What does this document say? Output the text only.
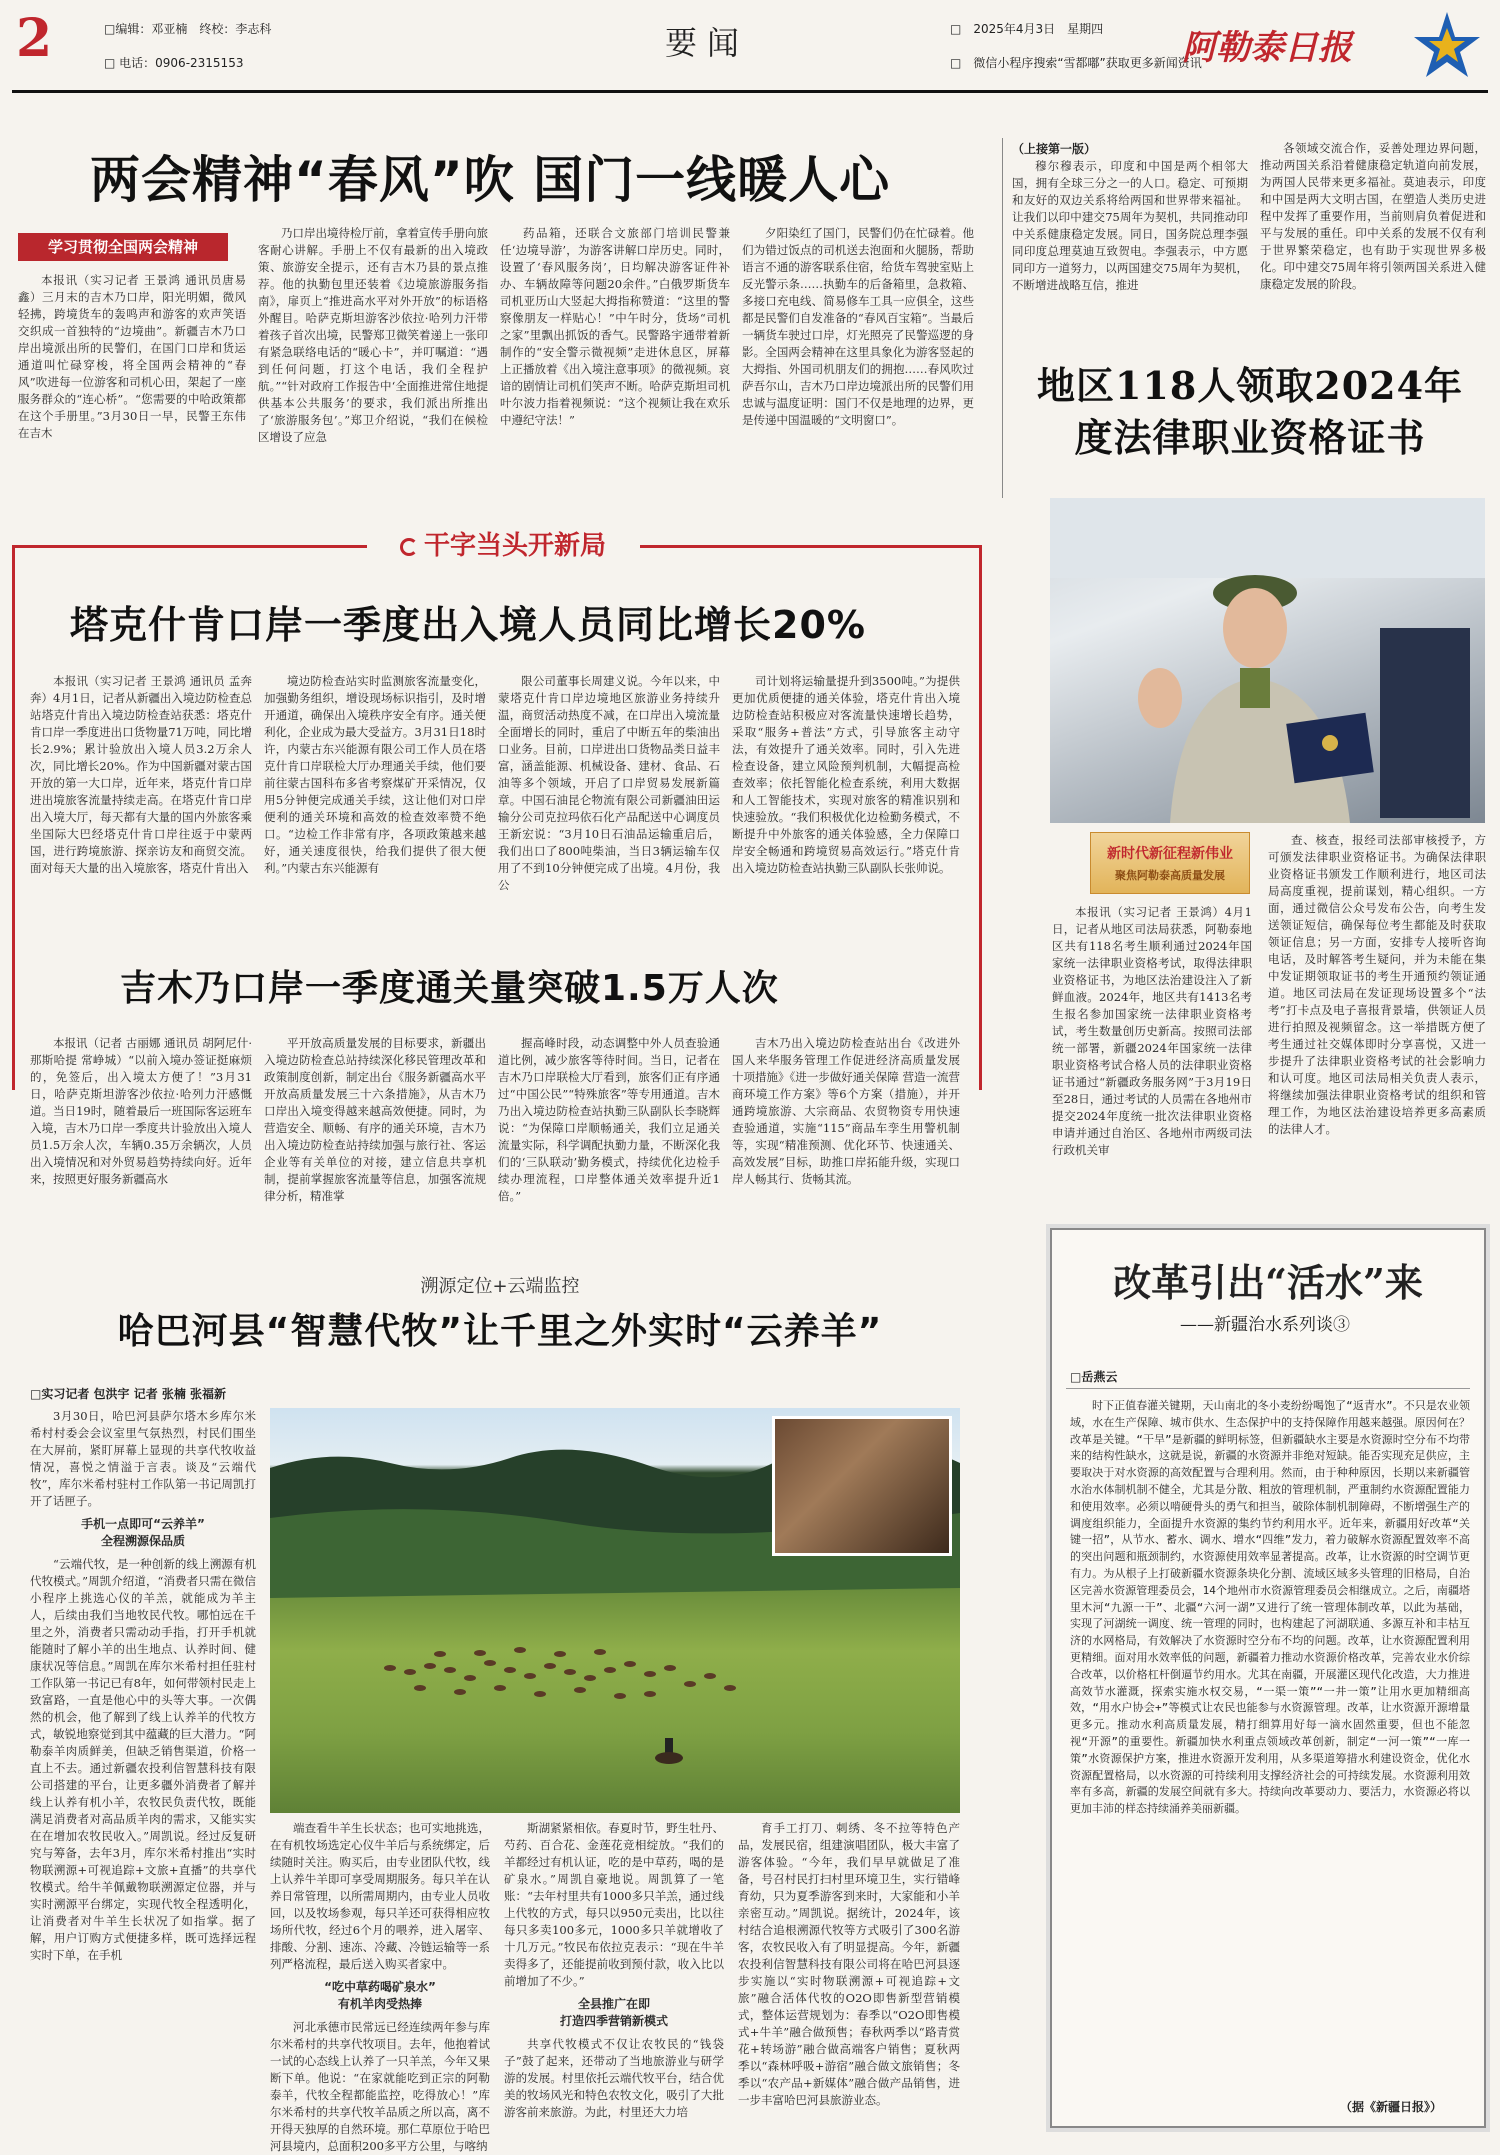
2	□编辑：邓亚楠　终校：李志科
□ 电话：0906-2315153
要闻	□　2025年4月3日　星期四
□　微信小程序搜索“雪都嘟”获取更多新闻资讯
阿勒泰日报
两会精神“春风”吹 国门一线暖人心
学习贯彻全国两会精神
本报讯（实习记者 王景鸿 通讯员唐易鑫）三月末的吉木乃口岸，阳光明媚，微风轻拂，跨境货车的轰鸣声和游客的欢声笑语交织成一首独特的“边境曲”。新疆吉木乃口岸出境派出所的民警们，在国门口岸和货运通道叫忙碌穿梭，将全国两会精神的“春风”吹进每一位游客和司机心田，架起了一座服务群众的“连心桥”。“您需要的中哈政策都在这个手册里。”3月30日一早，民警王东伟在吉木
乃口岸出境待检厅前，拿着宣传手册向旅客耐心讲解。手册上不仅有最新的出入境政策、旅游安全提示，还有吉木乃县的景点推荐。他的执勤包里还装着《边境旅游服务指南》，扉页上“推进高水平对外开放”的标语格外醒目。哈萨克斯坦游客沙依拉·哈列力汗带着孩子首次出境，民警郑卫微笑着递上一张印有紧急联络电话的“暖心卡”，并叮嘱道：“遇到任何问题，打这个电话，我们全程护航。”“针对政府工作报告中‘全面推进常住地提供基本公共服务’的要求，我们派出所推出了‘旅游服务包’。”郑卫介绍说，“我们在候检区增设了应急
药品箱，还联合文旅部门培训民警兼任‘边境导游’，为游客讲解口岸历史。同时，设置了‘春风服务岗’，日均解决游客证件补办、车辆故障等问题20余件。”白俄罗斯货车司机亚历山大竖起大拇指称赞道：“这里的警察像朋友一样贴心！”中午时分，货场“司机之家”里飘出抓饭的香气。民警路宇通带着新制作的“安全警示微视频”走进休息区，屏幕上正播放着《出入境注意事项》的微视频。哀谙的剧情让司机们笑声不断。哈萨克斯坦司机叶尔波力指着视频说：“这个视频让我在欢乐中遵纪守法！”
夕阳染红了国门，民警们仍在忙碌着。他们为错过饭点的司机送去泡面和火腿肠，帮助语言不通的游客联系住宿，给货车驾驶室贴上反光警示条……执勤车的后备箱里，急救箱、多接口充电线、简易修车工具一应俱全，这些都是民警们自发准备的“春风百宝箱”。当最后一辆货车驶过口岸，灯光照亮了民警巡逻的身影。全国两会精神在这里具象化为游客竖起的大拇指、外国司机朋友们的拥抱……春风吹过萨吾尔山，吉木乃口岸边境派出所的民警们用忠诚与温度证明：国门不仅是地理的边界，更是传递中国温暖的“文明窗口”。
（上接第一版）
穆尔穆表示，印度和中国是两个相邻大国，拥有全球三分之一的人口。稳定、可预期和友好的双边关系将给两国和世界带来福祉。让我们以印中建交75周年为契机，共同推动印中关系健康稳定发展。同日，国务院总理李强同印度总理莫迪互致贺电。李强表示，中方愿同印方一道努力，以两国建交75周年为契机，不断增进战略互信，推进
各领域交流合作，妥善处理边界问题，推动两国关系沿着健康稳定轨道向前发展，为两国人民带来更多福祉。莫迪表示，印度和中国是两大文明古国，在塑造人类历史进程中发挥了重要作用，当前则肩负着促进和平与发展的重任。印中关系的发展不仅有利于世界繁荣稳定，也有助于实现世界多极化。印中建交75周年将引领两国关系进入健康稳定发展的阶段。
地区118人领取2024年度法律职业资格证书
干字当头开新局
塔克什肯口岸一季度出入境人员同比增长20%
本报讯（实习记者 王景鸿 通讯员 孟奔奔）4月1日，记者从新疆出入境边防检查总站塔克什肯出入境边防检查站获悉：塔克什肯口岸一季度进出口货物量71万吨，同比增长2.9%；累计验放出入境人员3.2万余人次，同比增长20%。作为中国新疆对蒙古国开放的第一大口岸，近年来，塔克什肯口岸进出境旅客流量持续走高。在塔克什肯口岸出入境大厅，每天都有大量的国内外旅客乘坐国际大巴经塔克什肯口岸往返于中蒙两国，进行跨境旅游、探亲访友和商贸交流。面对每天大量的出入境旅客，塔克什肯出入
境边防检查站实时监测旅客流量变化，加强勤务组织，增设现场标识指引，及时增开通道，确保出入境秩序安全有序。通关便利化，企业成为最大受益方。3月31日18时许，内蒙古东兴能源有限公司工作人员在塔克什肯口岸联检大厅办理通关手续，他们要前往蒙古国科布多省考察煤矿开采情况，仅用5分钟便完成通关手续，这让他们对口岸便利的通关环境和高效的检查效率赞不绝口。“边检工作非常有序，各项政策越来越好，通关速度很快，给我们提供了很大便利。”内蒙古东兴能源有
限公司董事长周建义说。今年以来，中蒙塔克什肯口岸边境地区旅游业务持续升温，商贸活动热度不减，在口岸出入境流量全面增长的同时，重启了中断五年的柴油出口业务。目前，口岸进出口货物品类日益丰富，涵盖能源、机械设备、建材、食品、石油等多个领域，开启了口岸贸易发展新篇章。中国石油昆仑物流有限公司新疆油田运输分公司克拉玛依石化产品配送中心调度员王新宏说：“3月10日石油品运输重启后，我们出口了800吨柴油，当日3辆运输车仅用了不到10分钟便完成了出境。4月份，我公
司计划将运输量提升到3500吨。”为提供更加优质便捷的通关体验，塔克什肯出入境边防检查站积极应对客流量快速增长趋势，采取“服务+普法”方式，引导旅客主动守法，有效提升了通关效率。同时，引入先进检查设备，建立风险预判机制，大幅提高检查效率；依托智能化检查系统，利用大数据和人工智能技术，实现对旅客的精准识别和快速验放。“我们积极优化边检勤务模式，不断提升中外旅客的通关体验感，全力保障口岸安全畅通和跨境贸易高效运行。”塔克什肯出入境边防检查站执勤三队副队长张帅说。
吉木乃口岸一季度通关量突破1.5万人次
本报讯（记者 古丽娜 通讯员 胡阿尼什·那斯哈提 常峥城）“以前入境办签证挺麻烦的，免签后，出入境太方便了！”3月31日，哈萨克斯坦游客沙依拉·哈列力汗感慨道。当日19时，随着最后一班国际客运班车入境，吉木乃口岸一季度共计验放出入境人员1.5万余人次，车辆0.35万余辆次，人员出入境情况和对外贸易趋势持续向好。近年来，按照更好服务新疆高水
平开放高质量发展的目标要求，新疆出入境边防检查总站持续深化移民管理改革和政策制度创新，制定出台《服务新疆高水平开放高质量发展三十六条措施》，从吉木乃口岸出入境变得越来越高效便捷。同时，为营造安全、顺畅、有序的通关环境，吉木乃出入境边防检查站持续加强与旅行社、客运企业等有关单位的对接，建立信息共享机制，提前掌握旅客流量等信息，加强客流规律分析，精准掌
握高峰时段，动态调整中外人员查验通道比例，减少旅客等待时间。当日，记者在吉木乃口岸联检大厅看到，旅客们正有序通过“中国公民”“特殊旅客”等专用通道。吉木乃出入境边防检查站执勤三队副队长李晓辉说：“为保障口岸顺畅通关，我们立足通关流量实际，科学调配执勤力量，不断深化我们的‘三队联动’勤务模式，持续优化边检手续办理流程，口岸整体通关效率提升近1倍。”
吉木乃出入境边防检查站出台《改进外国人来华服务管理工作促进经济高质量发展十项措施》《进一步做好通关保障 营造一流营商环境工作方案》等6个方案（措施），并开通跨境旅游、大宗商品、农贸物资专用快速查验通道，实施“115”商品车孪生用警机制等，实现“精准预测、优化环节、快速通关、高效发展”目标，助推口岸拓能升级，实现口岸人畅其行、货畅其流。
溯源定位+云端监控
哈巴河县“智慧代牧”让千里之外实时“云养羊”
□实习记者 包洪宇 记者 张楠 张福新

3月30日，哈巴河县萨尔塔木乡库尔米希村村委会会议室里气氛热烈，村民们围坐在大屏前，紧盯屏幕上显现的共享代牧收益情况，喜悦之情溢于言表。谈及“云端代牧”，库尔米希村驻村工作队第一书记周凯打开了话匣子。

手机一点即可“云养羊”
全程溯源保品质

“云端代牧，是一种创新的线上溯源有机代牧模式。”周凯介绍道，“消费者只需在微信小程序上挑选心仪的羊羔，就能成为羊主人，后续由我们当地牧民代牧。哪怕远在千里之外，消费者只需动动手指，打开手机就能随时了解小羊的出生地点、认养时间、健康状况等信息。”周凯在库尔米希村担任驻村工作队第一书记已有8年，如何带领村民走上致富路，一直是他心中的头等大事。一次偶然的机会，他了解到了线上认养羊的代牧方式，敏锐地察觉到其中蕴藏的巨大潜力。“阿勒泰羊肉质鲜美，但缺乏销售渠道，价格一直上不去。通过新疆农投利信智慧科技有限公司搭建的平台，让更多疆外消费者了解并线上认养有机小羊，农牧民负责代牧，既能满足消费者对高品质羊肉的需求，又能实实在在增加农牧民收入。”周凯说。经过反复研究与筹备，去年3月，库尔米希村推出“实时物联溯源+可视追踪+文旅+直播”的共享代牧模式。给牛羊佩戴物联溯源定位器，并与实时溯源平台绑定，实现代牧全程透明化，让消费者对牛羊生长状况了如指掌。据了解，用户订购方式便捷多样，既可选择远程实时下单，在手机

端查看牛羊生长状态；也可实地挑选，在有机牧场选定心仪牛羊后与系统绑定，后续随时关注。购买后，由专业团队代牧，线上认养牛羊即可享受周期服务。每只羊在认养日常管理，以所需周期内，由专业人员收回，以及牧场参观，每只羊还可获得相应牧场所代牧，经过6个月的喂养，进入屠宰、排酸、分割、速冻、冷藏、冷链运输等一系列严格流程，最后送入购买者家中。

“吃中草药喝矿泉水”
有机羊肉受热捧

河北承德市民常远已经连续两年参与库尔米希村的共享代牧项目。去年，他抱着试一试的心态线上认养了一只羊羔，今年又果断下单。他说：“在家就能吃到正宗的阿勒泰羊，代牧全程都能监控，吃得放心！”库尔米希村的共享代牧羊品质之所以高，离不开得天独厚的自然环境。那仁草原位于哈巴河县境内，总面积200多平方公里，与喀纳

斯湖紧紧相依。春夏时节，野生牡丹、芍药、百合花、金莲花竞相绽放。“我们的羊都经过有机认证，吃的是中草药，喝的是矿泉水。”周凯自豪地说。周凯算了一笔账：“去年村里共有1000多只羊羔，通过线上代牧的方式，每只以950元卖出，比以往每只多卖100多元，1000多只羊就增收了十几万元。”牧民布依拉克表示：“现在牛羊卖得多了，还能提前收到预付款，收入比以前增加了不少。”

全县推广在即
打造四季营销新模式

共享代牧模式不仅让农牧民的“钱袋子”鼓了起来，还带动了当地旅游业与研学游的发展。村里依托云端代牧平台，结合优美的牧场风光和特色农牧文化，吸引了大批游客前来旅游。为此，村里还大力培

育手工打刀、刺绣、冬不拉等特色产品，发展民宿，组建演唱团队，极大丰富了游客体验。“今年，我们早早就做足了准备，号召村民打扫村里环境卫生，实行错峰育幼，只为夏季游客到来时，大家能和小羊亲密互动。”周凯说。据统计，2024年，该村结合追根溯源代牧等方式吸引了300名游客，农牧民收入有了明显提高。今年，新疆农投利信智慧科技有限公司将在哈巴河县逐步实施以“实时物联溯源+可视追踪+文旅”融合活体代牧的O2O即售新型营销模式，整体运营规划为：春季以“O2O即售模式+牛羊”融合做预售；春秋两季以“路青赏花+转场游”融合做高端客户销售；夏秋两季以“森林呼吸+游宿”融合做文旅销售；冬季以“农产品+新媒体”融合做产品销售，进一步丰富哈巴河县旅游业态。
新时代新征程新伟业
聚焦阿勒泰高质量发展
本报讯（实习记者 王景鸿）4月1日，记者从地区司法局获悉，阿勒泰地区共有118名考生顺利通过2024年国家统一法律职业资格考试，取得法律职业资格证书，为地区法治建设注入了新鲜血液。2024年，地区共有1413名考生报名参加国家统一法律职业资格考试，考生数量创历史新高。按照司法部统一部署，新疆2024年国家统一法律职业资格考试合格人员的法律职业资格证书通过“新疆政务服务网”于3月19日至28日，通过考试的人员需在各地州市提交2024年度统一批次法律职业资格申请并通过自治区、各地州市两级司法行政机关审
查、核查，报经司法部审核授予，方可颁发法律职业资格证书。为确保法律职业资格证书颁发工作顺利进行，地区司法局高度重视，提前谋划，精心组织。一方面，通过微信公众号发布公告，向考生发送领证短信，确保每位考生都能及时获取领证信息；另一方面，安排专人接听咨询电话，及时解答考生疑问，并为未能在集中发证期领取证书的考生开通预约领证通道。地区司法局在发证现场设置多个“法考”打卡点及电子喜报背景墙，供领证人员进行拍照及视频留念。这一举措既方便了考生通过社交媒体即时分享喜悦，又进一步提升了法律职业资格考试的社会影响力和认可度。地区司法局相关负责人表示，将继续加强法律职业资格考试的组织和管理工作，为地区法治建设培养更多高素质的法律人才。
改革引出“活水”来
——新疆治水系列谈③
□岳燕云
时下正值春灌关键期，天山南北的冬小麦纷纷喝饱了“返青水”。不只是农业领域，水在生产保障、城市供水、生态保护中的支持保障作用越来越强。原因何在？改革是关键。“干旱”是新疆的鲜明标签，但新疆缺水主要是水资源时空分布不均带来的结构性缺水，这就是说，新疆的水资源并非绝对短缺。能否实现充足供应，主要取决于对水资源的高效配置与合理利用。然而，由于种种原因，长期以来新疆管水治水体制机制不健全，尤其是分散、粗放的管理机制，严重制约水资源配置能力和使用效率。必须以啃硬骨头的勇气和担当，破除体制机制障碍，不断增强生产的调度组织能力，全面提升水资源的集约节约利用水平。近年来，新疆用好改革“关键一招”，从节水、蓄水、调水、增水“四维”发力，着力破解水资源配置效率不高的突出问题和瓶颈制约，水资源使用效率显著提高。改革，让水资源的时空调节更有力。为从根子上打破新疆水资源条块化分割、流域区域多头管理的旧格局，自治区完善水资源管理委员会，14个地州市水资源管理委员会相继成立。之后，南疆塔里木河“九源一干”、北疆“六河一湖”又进行了统一管理体制改革，以此为基础，实现了河湖统一调度、统一管理的同时，也构建起了河湖联通、多源互补和丰枯互济的水网格局，有效解决了水资源时空分布不均的问题。改革，让水资源配置利用更精细。面对用水效率低的问题，新疆着力推动水资源价格改革，完善农业水价综合改革，以价格杠杆倒逼节约用水。尤其在南疆，开展灌区现代化改造，大力推进高效节水灌溉，探索实施水权交易，“一渠一策”“一井一策”让用水更加精细高效，“用水户协会+”等模式让农民也能参与水资源管理。改革，让水资源开源增量更多元。推动水利高质量发展，精打细算用好每一滴水固然重要，但也不能忽视“开源”的重要性。新疆加快水利重点领域改革创新，制定“一河一策”“一库一策”水资源保护方案，推进水资源开发利用，从多渠道筹措水利建设资金，优化水资源配置格局，以水资源的可持续利用支撑经济社会的可持续发展。水资源利用效率有多高，新疆的发展空间就有多大。持续向改革要动力、要活力，水资源必将以更加丰沛的样态持续涌养美丽新疆。
（据《新疆日报》）
